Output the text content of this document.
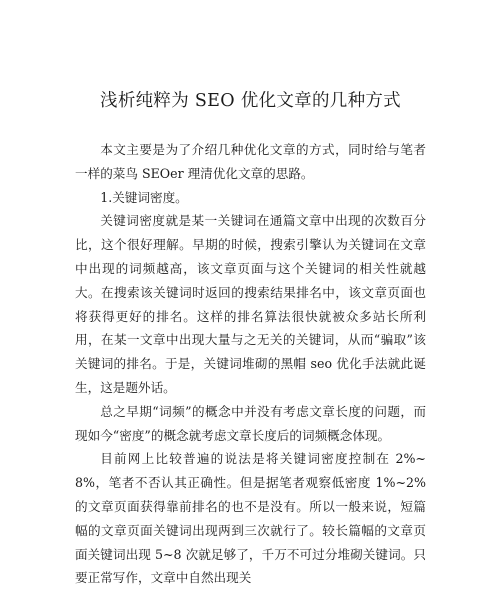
浅析纯粹为 SEO 优化文章的几种方式

本文主要是为了介绍几种优化文章的方式，同时给与笔者一样的菜鸟 SEOer 理清优化文章的思路。

1.关键词密度。

关键词密度就是某一关键词在通篇文章中出现的次数百分比，这个很好理解。早期的时候，搜索引擎认为关键词在文章中出现的词频越高，该文章页面与这个关键词的相关性就越大。在搜索该关键词时返回的搜索结果排名中，该文章页面也将获得更好的排名。这样的排名算法很快就被众多站长所利用，在某一文章中出现大量与之无关的关键词，从而“骗取”该关键词的排名。于是，关键词堆砌的黑帽 seo 优化手法就此诞生，这是题外话。

总之早期“词频”的概念中并没有考虑文章长度的问题，而现如今“密度”的概念就考虑文章长度后的词频概念体现。

目前网上比较普遍的说法是将关键词密度控制在 2%~8%，笔者不否认其正确性。但是据笔者观察低密度 1%~2%的文章页面获得靠前排名的也不是没有。所以一般来说，短篇幅的文章页面关键词出现两到三次就行了。较长篇幅的文章页面关键词出现 5~8 次就足够了，千万不可过分堆砌关键词。只要正常写作，文章中自然出现关
